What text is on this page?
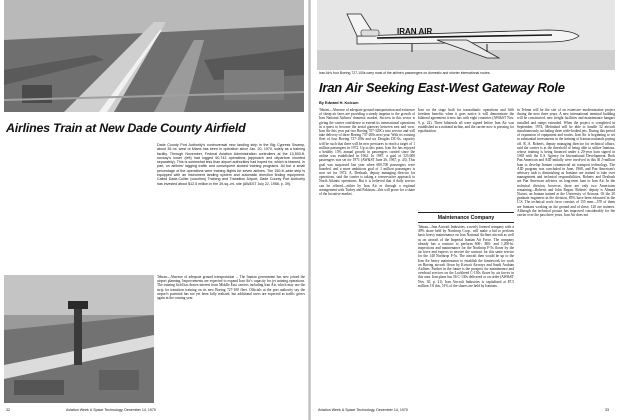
Airlines Train at New Dade County Airfield
Dade County Port Authority's controversial new landing strip in the Big Cypress Swamp, about 35 mi. west of Miami has been in operation since Jan. 20, 1970, solely as a training facility. Through November, Federal Aviation Administration controllers at the 10,500-ft. runway's tower (left) had logged 60,743 operations (approach and departure counted separately). This is somewhat less than airport authorities had hoped for, which is blamed, in part, on airlines' lagging traffic and consequent slowed training programs. All but a small percentage of the operations were training flights for seven airlines. The 150-ft.-wide strip is equipped with an instrument landing system and automatic direction finding equipment. Called Dade-Collier (counties) Training and Transition Airport, Dade County Port Authority has invested about $12.5 million in the 39-sq.-mi. site (AW&ST July 22, 1968, p. 39).
Tehran—Absence of adequate ground transportation ... The Iranian government has now joined the airport planning. Improvements are expected to expand Iran Air's capacity for jet training operations. The training field has drawn interest from Middle East carriers including Iran Air, which may use the strip for transition training on its new Boeing 727-100 fleet. Officials at the port authority say the airport's potential has not yet been fully realized, but additional users are expected as traffic grows again in the coming year.
32	Aviation Week & Space Technology, December 14, 1970
IRAN AIR
Iran Air's four Boeing 727-100s carry most of the airline's passengers on domestic and shorter international routes.
Iran Air Seeking East-West Gateway Role
By Edward H. Kolcum
Tehran—Absence of adequate ground transportation and existence of cheap air fares are providing a steady impetus to the growth of Iran National Airlines' domestic market. Success in this sector is giving the carrier confidence to extend its international operations in a quest to become the aerial gateway between east and west. Iran Air this year put two Boeing 707-320Cs into service and will take delivery of three Boeing 737-200s next year. With its existing fleet of four Boeing 727-100s and six Douglas DC-6s, capacity will be such that there will be new pressures to reach a target of 1 million passengers in 1972. Up to this point, Iran Air has enjoyed a healthy 15% annual growth in passengers carried since the airline was established in 1962. In 1967, a goal of 525,000 passengers was set for 1971 (AW&ST June 26, 1967, p. 43). This goal was surpassed last year when 600,700 passengers were boarded, and a more ambitious goal of 1 million passengers is now set for 1972. A. Dezhush, deputy managing director for operations, said the carrier is taking a conservative approach to North Atlantic operations. But it is believed that if daily service can be offered—either by Iran Air or through a regional arrangement with Turkey and Pakistan—this will prove for a share of the lucrative market.
Iran on the stage both for transatlantic operations and fifth freedom benefits when it goes notice it will demonstrate the bilateral agreement it now has with eight countries (AW&ST Nov. 9, p. 22). Three bilaterals all were signed before Iran Air was established as a national airline, and the carrier now is pressing for equalization.
Maintenance Company
Tehran—Iran Aircraft Industries, a newly formed company with a 49% share held by Northrop Corp., will make a bid to perform basic heavy maintenance on Iran National Airlines aircraft as well as on aircraft of the Imperial Iranian Air Force. The company already has a contract to perform 600-, 800- and 1,200-hr. inspections and maintenance for the Northrop F-5s flown by the air force and expects to receive the contract for this same service for the 140 Northrop F-5s. The aircraft then would be up to the Iran Air heavy maintenance to establish the framework for work on Boeing aircraft flown by Kuwait Airways and Saudi Arabian Airlines. Further in the future is the prospect for maintenance and overhaul services on the Lockheed C-130s flown by air forces in this area. Iran plans has 56 C-130s delivered or on order (AW&ST Nov. 30, p. 21). Iran Aircraft Industries is capitalized at $7.5 million. Of this, 51% of the shares are held by Iranians.
in Tehran will be the site of an extensive modernization project during the next three years. A new international terminal building will be constructed, new freight facilities and maintenance hangars installed and ramps extended. When the project is completed in September, 1974, Mehrabad will be able to handle 32 aircraft simultaneously, including three wide-bodied jets. During this period of expansion of equipment and routes, Iran Air is beginning to set in substantial investments in the training of Iranian nationals paying off. R. A. Roberts, deputy managing director for technical affairs, said the carrier is at the threshold of being able to utilize Iranians, whose training is being financed under a 20-year loan signed in 1965 with the U.S. Agency for International Development. Both Pan American and AID initially were involved in this $1.5-million loan to develop Iranian commercial air transport technology. The AID program was concluded in June, 1968, and Pan American's advisory task is diminishing as Iranians are trained to take over management and technical responsibilities. Roberts and Dezhush are Pan American advisers on long-term loan to Iran Air. In the technical division, however, there are only two Americans remaining—Roberts and John Regan. Roberts' deputy is Ahmad Nozari, an Iranian trained at the University of Arizona. Of the 20 graduate engineers in the division, 85% have been educated in the U.S. The technical work force consists of 155 men—570 of them are Iranians working on the ground and of these, 120 are trainees. Although the technical picture has improved considerably for the carrier over the past three years, Iran Air does not
Aviation Week & Space Technology, December 14, 1970	33
